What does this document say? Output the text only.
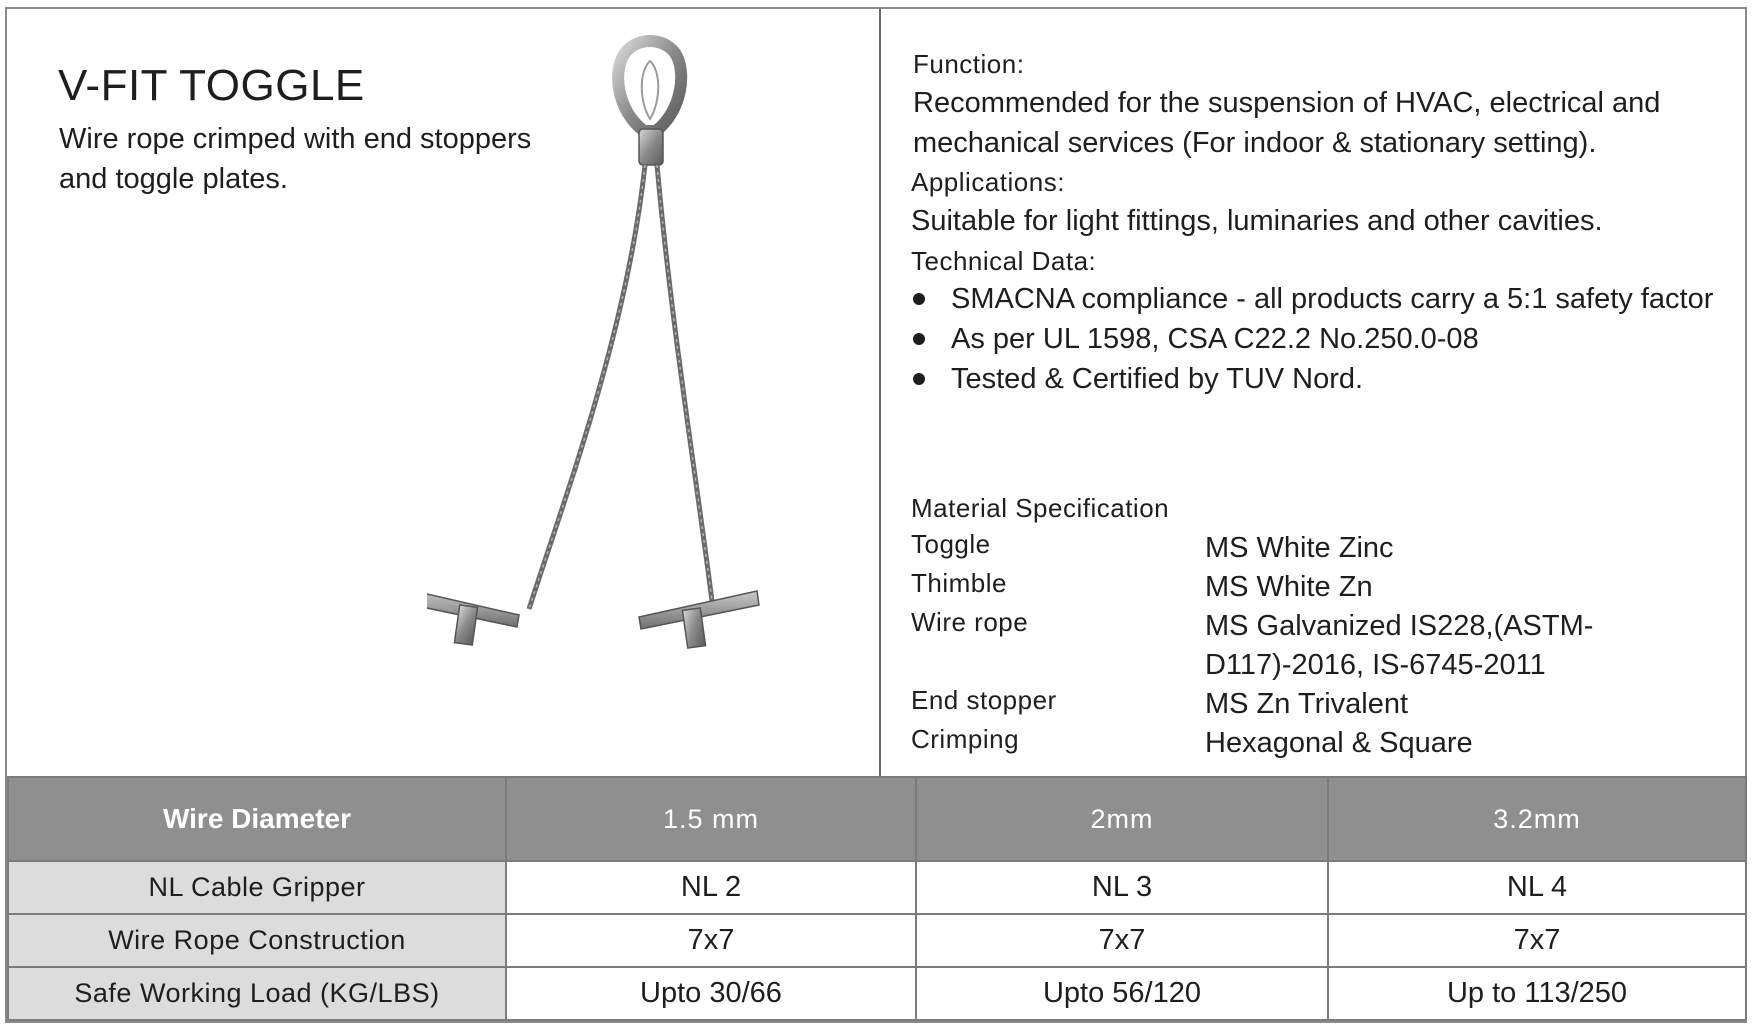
V-FIT TOGGLE

Wire rope crimped with end stoppers and toggle plates.

Function:

Recommended for the suspension of HVAC, electrical and mechanical services (For indoor & stationary setting).

Applications:

Suitable for light fittings, luminaries and other cavities.

Technical Data:

SMACNA compliance - all products carry a 5:1 safety factor
As per UL 1598, CSA C22.2 No.250.0-08
Tested & Certified by TUV Nord.

Material Specification

Toggle	MS White Zinc
Thimble	MS White Zn
Wire rope	MS Galvanized IS228,(ASTM-D117)-2016, IS-6745-2011
End stopper	MS Zn Trivalent
Crimping	Hexagonal & Square
Wire Diameter	1.5 mm	2mm	3.2mm
NL Cable Gripper	NL 2	NL 3	NL 4
Wire Rope Construction	7x7	7x7	7x7
Safe Working Load (KG/LBS)	Upto 30/66	Upto 56/120	Up to 113/250
